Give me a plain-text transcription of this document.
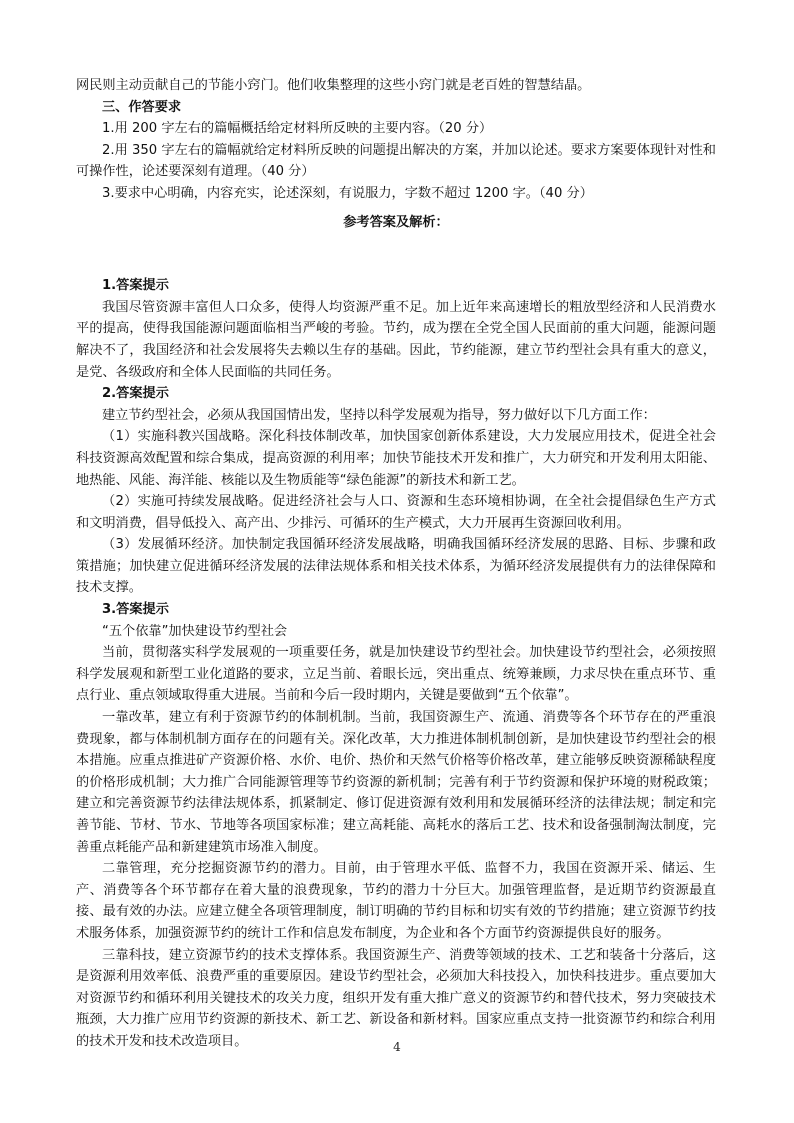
网民则主动贡献自己的节能小窍门。他们收集整理的这些小窍门就是老百姓的智慧结晶。

三、作答要求

1.用 200 字左右的篇幅概括给定材料所反映的主要内容。（20 分）

2.用 350 字左右的篇幅就给定材料所反映的问题提出解决的方案，并加以论述。要求方案要体现针对性和可操作性，论述要深刻有道理。（40 分）

3.要求中心明确，内容充实，论述深刻，有说服力，字数不超过 1200 字。（40 分）

参考答案及解析：

1.答案提示

我国尽管资源丰富但人口众多，使得人均资源严重不足。加上近年来高速增长的粗放型经济和人民消费水平的提高，使得我国能源问题面临相当严峻的考验。节约，成为摆在全党全国人民面前的重大问题，能源问题解决不了，我国经济和社会发展将失去赖以生存的基础。因此，节约能源，建立节约型社会具有重大的意义，是党、各级政府和全体人民面临的共同任务。

2.答案提示

建立节约型社会，必须从我国国情出发，坚持以科学发展观为指导，努力做好以下几方面工作：

（1）实施科教兴国战略。深化科技体制改革，加快国家创新体系建设，大力发展应用技术，促进全社会科技资源高效配置和综合集成，提高资源的利用率；加快节能技术开发和推广，大力研究和开发利用太阳能、地热能、风能、海洋能、核能以及生物质能等“绿色能源”的新技术和新工艺。

（2）实施可持续发展战略。促进经济社会与人口、资源和生态环境相协调，在全社会提倡绿色生产方式和文明消费，倡导低投入、高产出、少排污、可循环的生产模式，大力开展再生资源回收利用。

（3）发展循环经济。加快制定我国循环经济发展战略，明确我国循环经济发展的思路、目标、步骤和政策措施；加快建立促进循环经济发展的法律法规体系和相关技术体系，为循环经济发展提供有力的法律保障和技术支撑。

3.答案提示

“五个依靠”加快建设节约型社会

当前，贯彻落实科学发展观的一项重要任务，就是加快建设节约型社会。加快建设节约型社会，必须按照科学发展观和新型工业化道路的要求，立足当前、着眼长远，突出重点、统筹兼顾，力求尽快在重点环节、重点行业、重点领域取得重大进展。当前和今后一段时期内，关键是要做到“五个依靠”。

一靠改革，建立有利于资源节约的体制机制。当前，我国资源生产、流通、消费等各个环节存在的严重浪费现象，都与体制机制方面存在的问题有关。深化改革，大力推进体制机制创新，是加快建设节约型社会的根本措施。应重点推进矿产资源价格、水价、电价、热价和天然气价格等价格改革，建立能够反映资源稀缺程度的价格形成机制；大力推广合同能源管理等节约资源的新机制；完善有利于节约资源和保护环境的财税政策；建立和完善资源节约法律法规体系，抓紧制定、修订促进资源有效利用和发展循环经济的法律法规；制定和完善节能、节材、节水、节地等各项国家标准；建立高耗能、高耗水的落后工艺、技术和设备强制淘汰制度，完善重点耗能产品和新建建筑市场准入制度。

二靠管理，充分挖掘资源节约的潜力。目前，由于管理水平低、监督不力，我国在资源开采、储运、生产、消费等各个环节都存在着大量的浪费现象，节约的潜力十分巨大。加强管理监督，是近期节约资源最直接、最有效的办法。应建立健全各项管理制度，制订明确的节约目标和切实有效的节约措施；建立资源节约技术服务体系，加强资源节约的统计工作和信息发布制度，为企业和各个方面节约资源提供良好的服务。

三靠科技，建立资源节约的技术支撑体系。我国资源生产、消费等领域的技术、工艺和装备十分落后，这是资源利用效率低、浪费严重的重要原因。建设节约型社会，必须加大科技投入，加快科技进步。重点要加大对资源节约和循环利用关键技术的攻关力度，组织开发有重大推广意义的资源节约和替代技术，努力突破技术瓶颈，大力推广应用节约资源的新技术、新工艺、新设备和新材料。国家应重点支持一批资源节约和综合利用的技术开发和技术改造项目。	4
